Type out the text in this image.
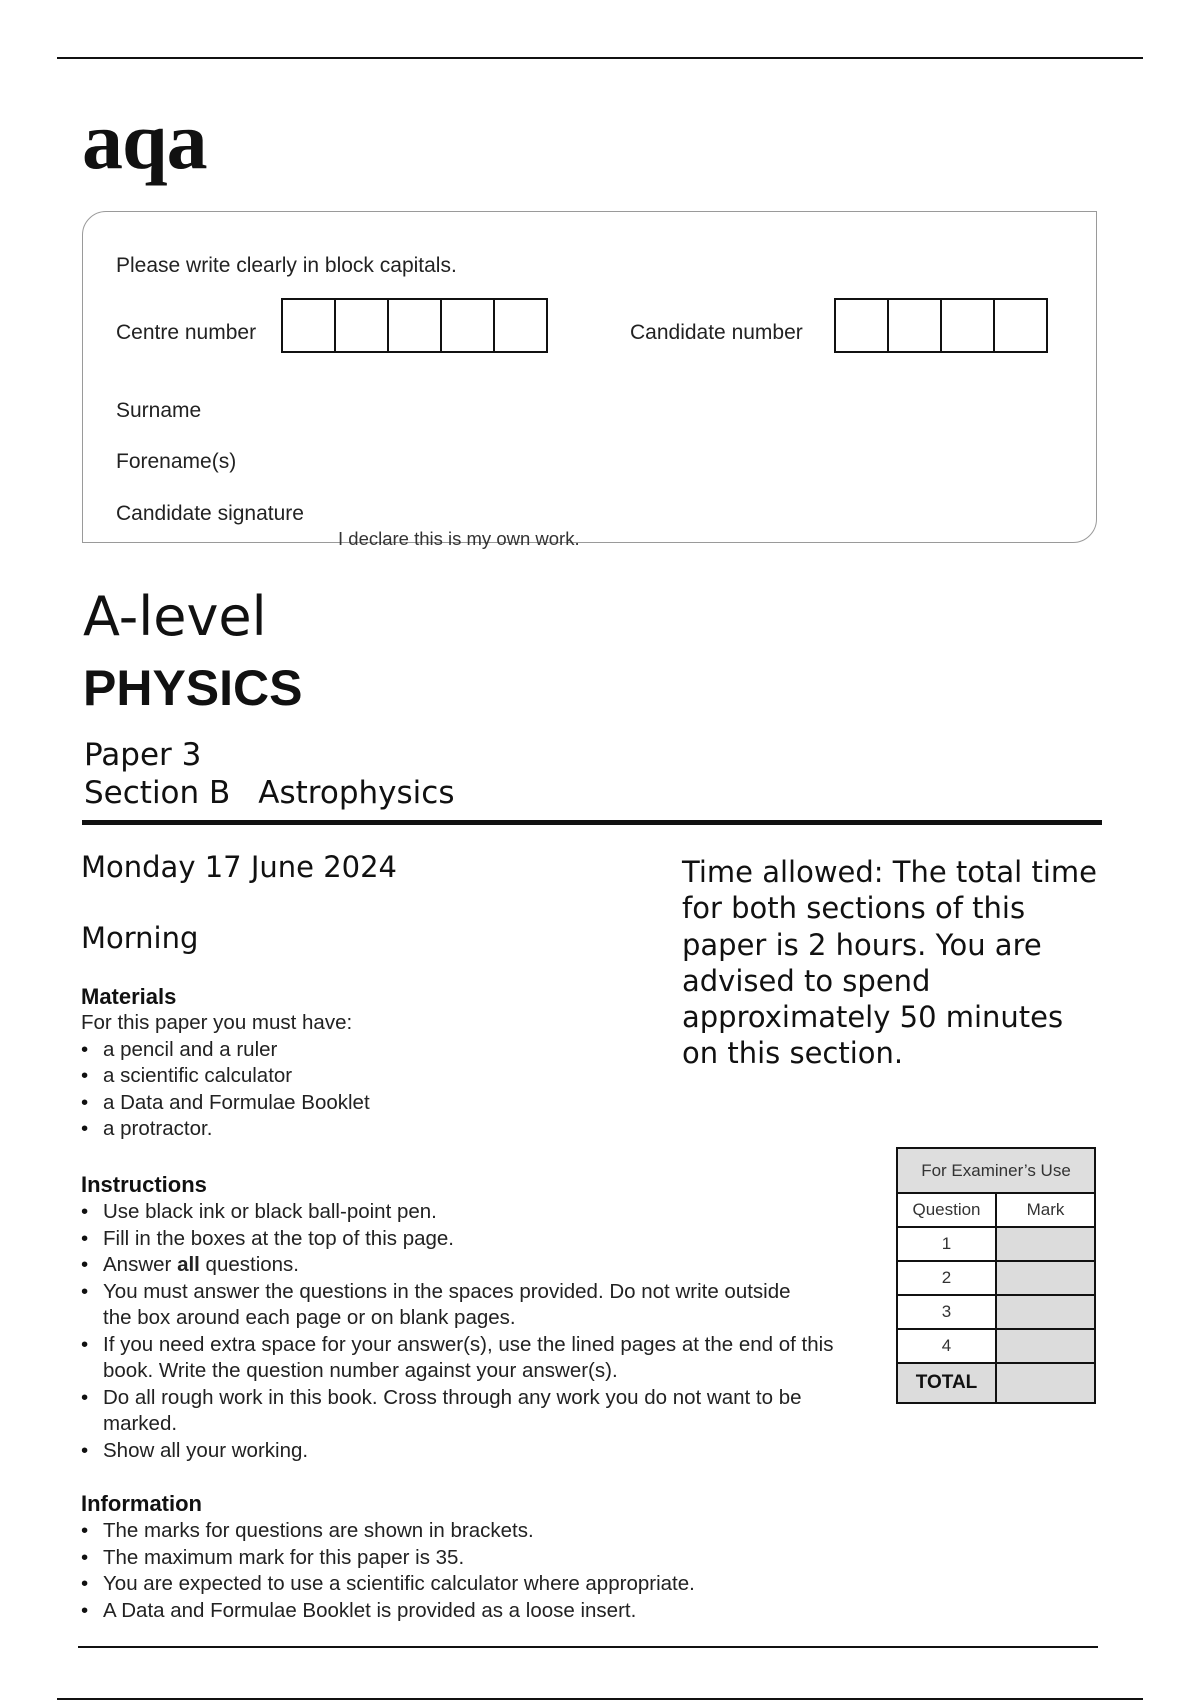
aqa
Please write clearly in block capitals.
Centre number	Candidate number
Surname
Forename(s)
Candidate signature
I declare this is my own work.
A-level
PHYSICS
Paper 3
Section B Astrophysics
Monday 17 June 2024
Morning
Time allowed: The total time for both sections of this paper is 2 hours. You are advised to spend approximately 50 minutes on this section.
Materials
For this paper you must have:
• a pencil and a ruler
• a scientific calculator
• a Data and Formulae Booklet
• a protractor.
Instructions
• Use black ink or black ball-point pen.
• Fill in the boxes at the top of this page.
• Answer all questions.
• You must answer the questions in the spaces provided. Do not write outside the box around each page or on blank pages.
• If you need extra space for your answer(s), use the lined pages at the end of this book. Write the question number against your answer(s).
• Do all rough work in this book. Cross through any work you do not want to be marked.
• Show all your working.
Information
• The marks for questions are shown in brackets.
• The maximum mark for this paper is 35.
• You are expected to use a scientific calculator where appropriate.
• A Data and Formulae Booklet is provided as a loose insert.
For Examiner’s Use	
Question	Mark
1	
2	
3	
4	
TOTAL	
